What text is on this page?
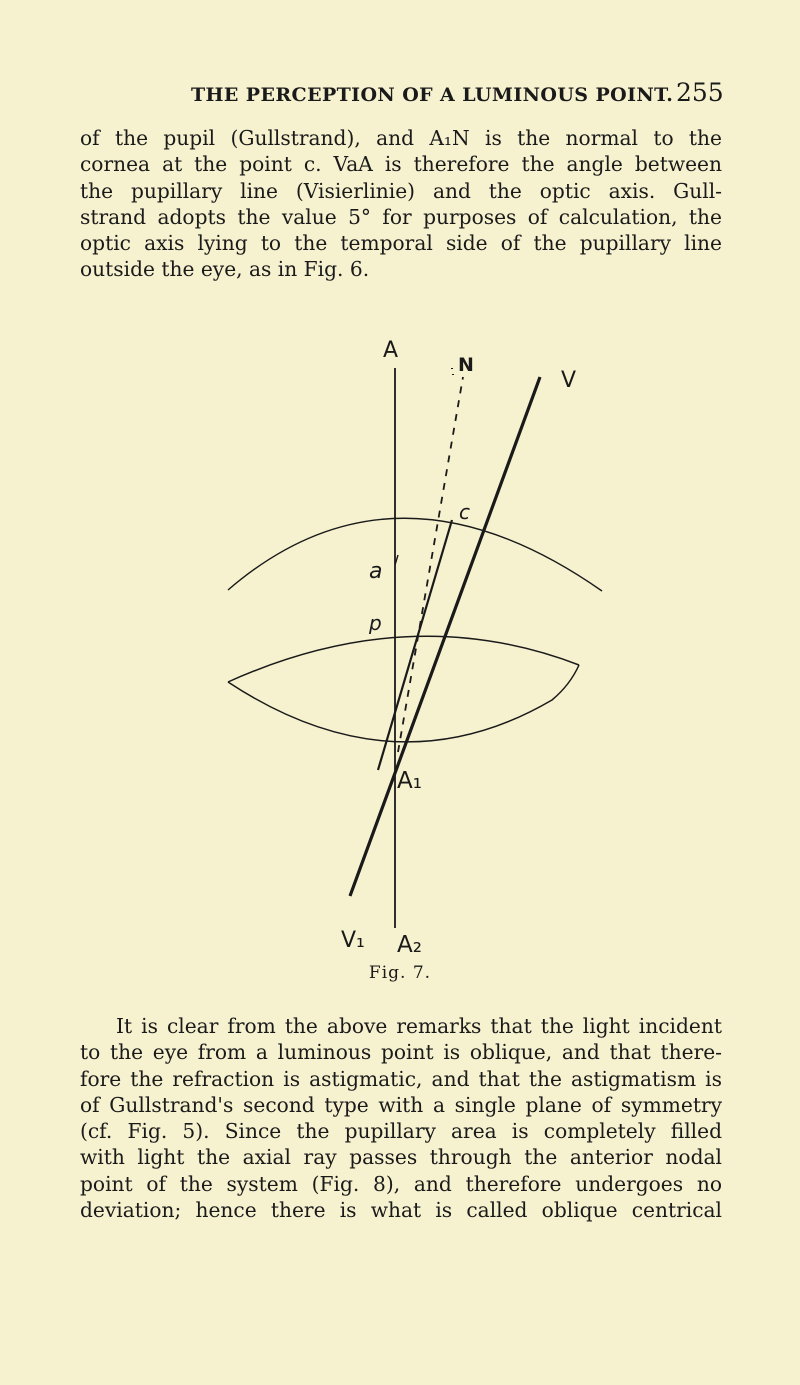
THE PERCEPTION OF A LUMINOUS POINT. 255
of the pupil (Gullstrand), and A₁N is the normal to the
cornea at the point c. VaA is therefore the angle between
the pupillary line (Visierlinie) and the optic axis. Gull-
strand adopts the value 5° for purposes of calculation, the
optic axis lying to the temporal side of the pupillary line
outside the eye, as in Fig. 6.
A
N
V
c
a
p
A₁
V₁ A₂
Fig. 7.
It is clear from the above remarks that the light incident
to the eye from a luminous point is oblique, and that there-
fore the refraction is astigmatic, and that the astigmatism is
of Gullstrand's second type with a single plane of symmetry
(cf. Fig. 5). Since the pupillary area is completely filled
with light the axial ray passes through the anterior nodal
point of the system (Fig. 8), and therefore undergoes no
deviation; hence there is what is called oblique centrical
